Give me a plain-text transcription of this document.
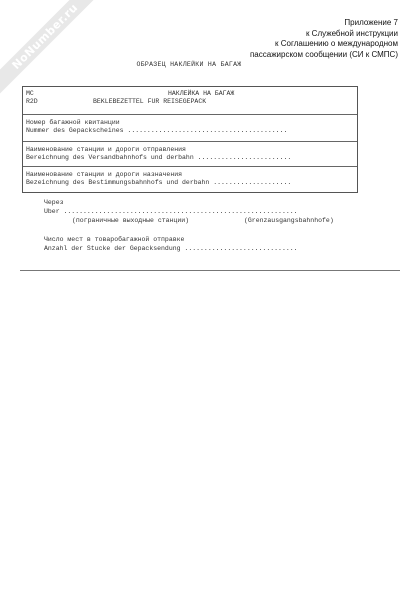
NoNumber.ru	Приложение 7
к Служебной инструкции
к Соглашению о международном
пассажирском сообщении (СИ к СМПС)
ОБРАЗЕЦ НАКЛЕЙКИ НА БАГАЖ
МС
R2D
НАКЛЕЙКА НА БАГАЖ
BEKLEBEZETTEL FUR REISEGEPACK
Номер багажной квитанции
Nummer des Gepackscheines .........................................
Наименование станции и дороги отправления
Bereichnung des Versandbahnhofs und derbahn ........................
Наименование станции и дороги назначения
Bezeichnung des Bestimmungsbahnhofs und derbahn ....................
Через
Uber ............................................................
(пограничные выходные станции)	(Grenzausgangsbahnhofe)
Число мест в товаробагажной отправке
Anzahl der Stucke der Gepacksendung .............................
